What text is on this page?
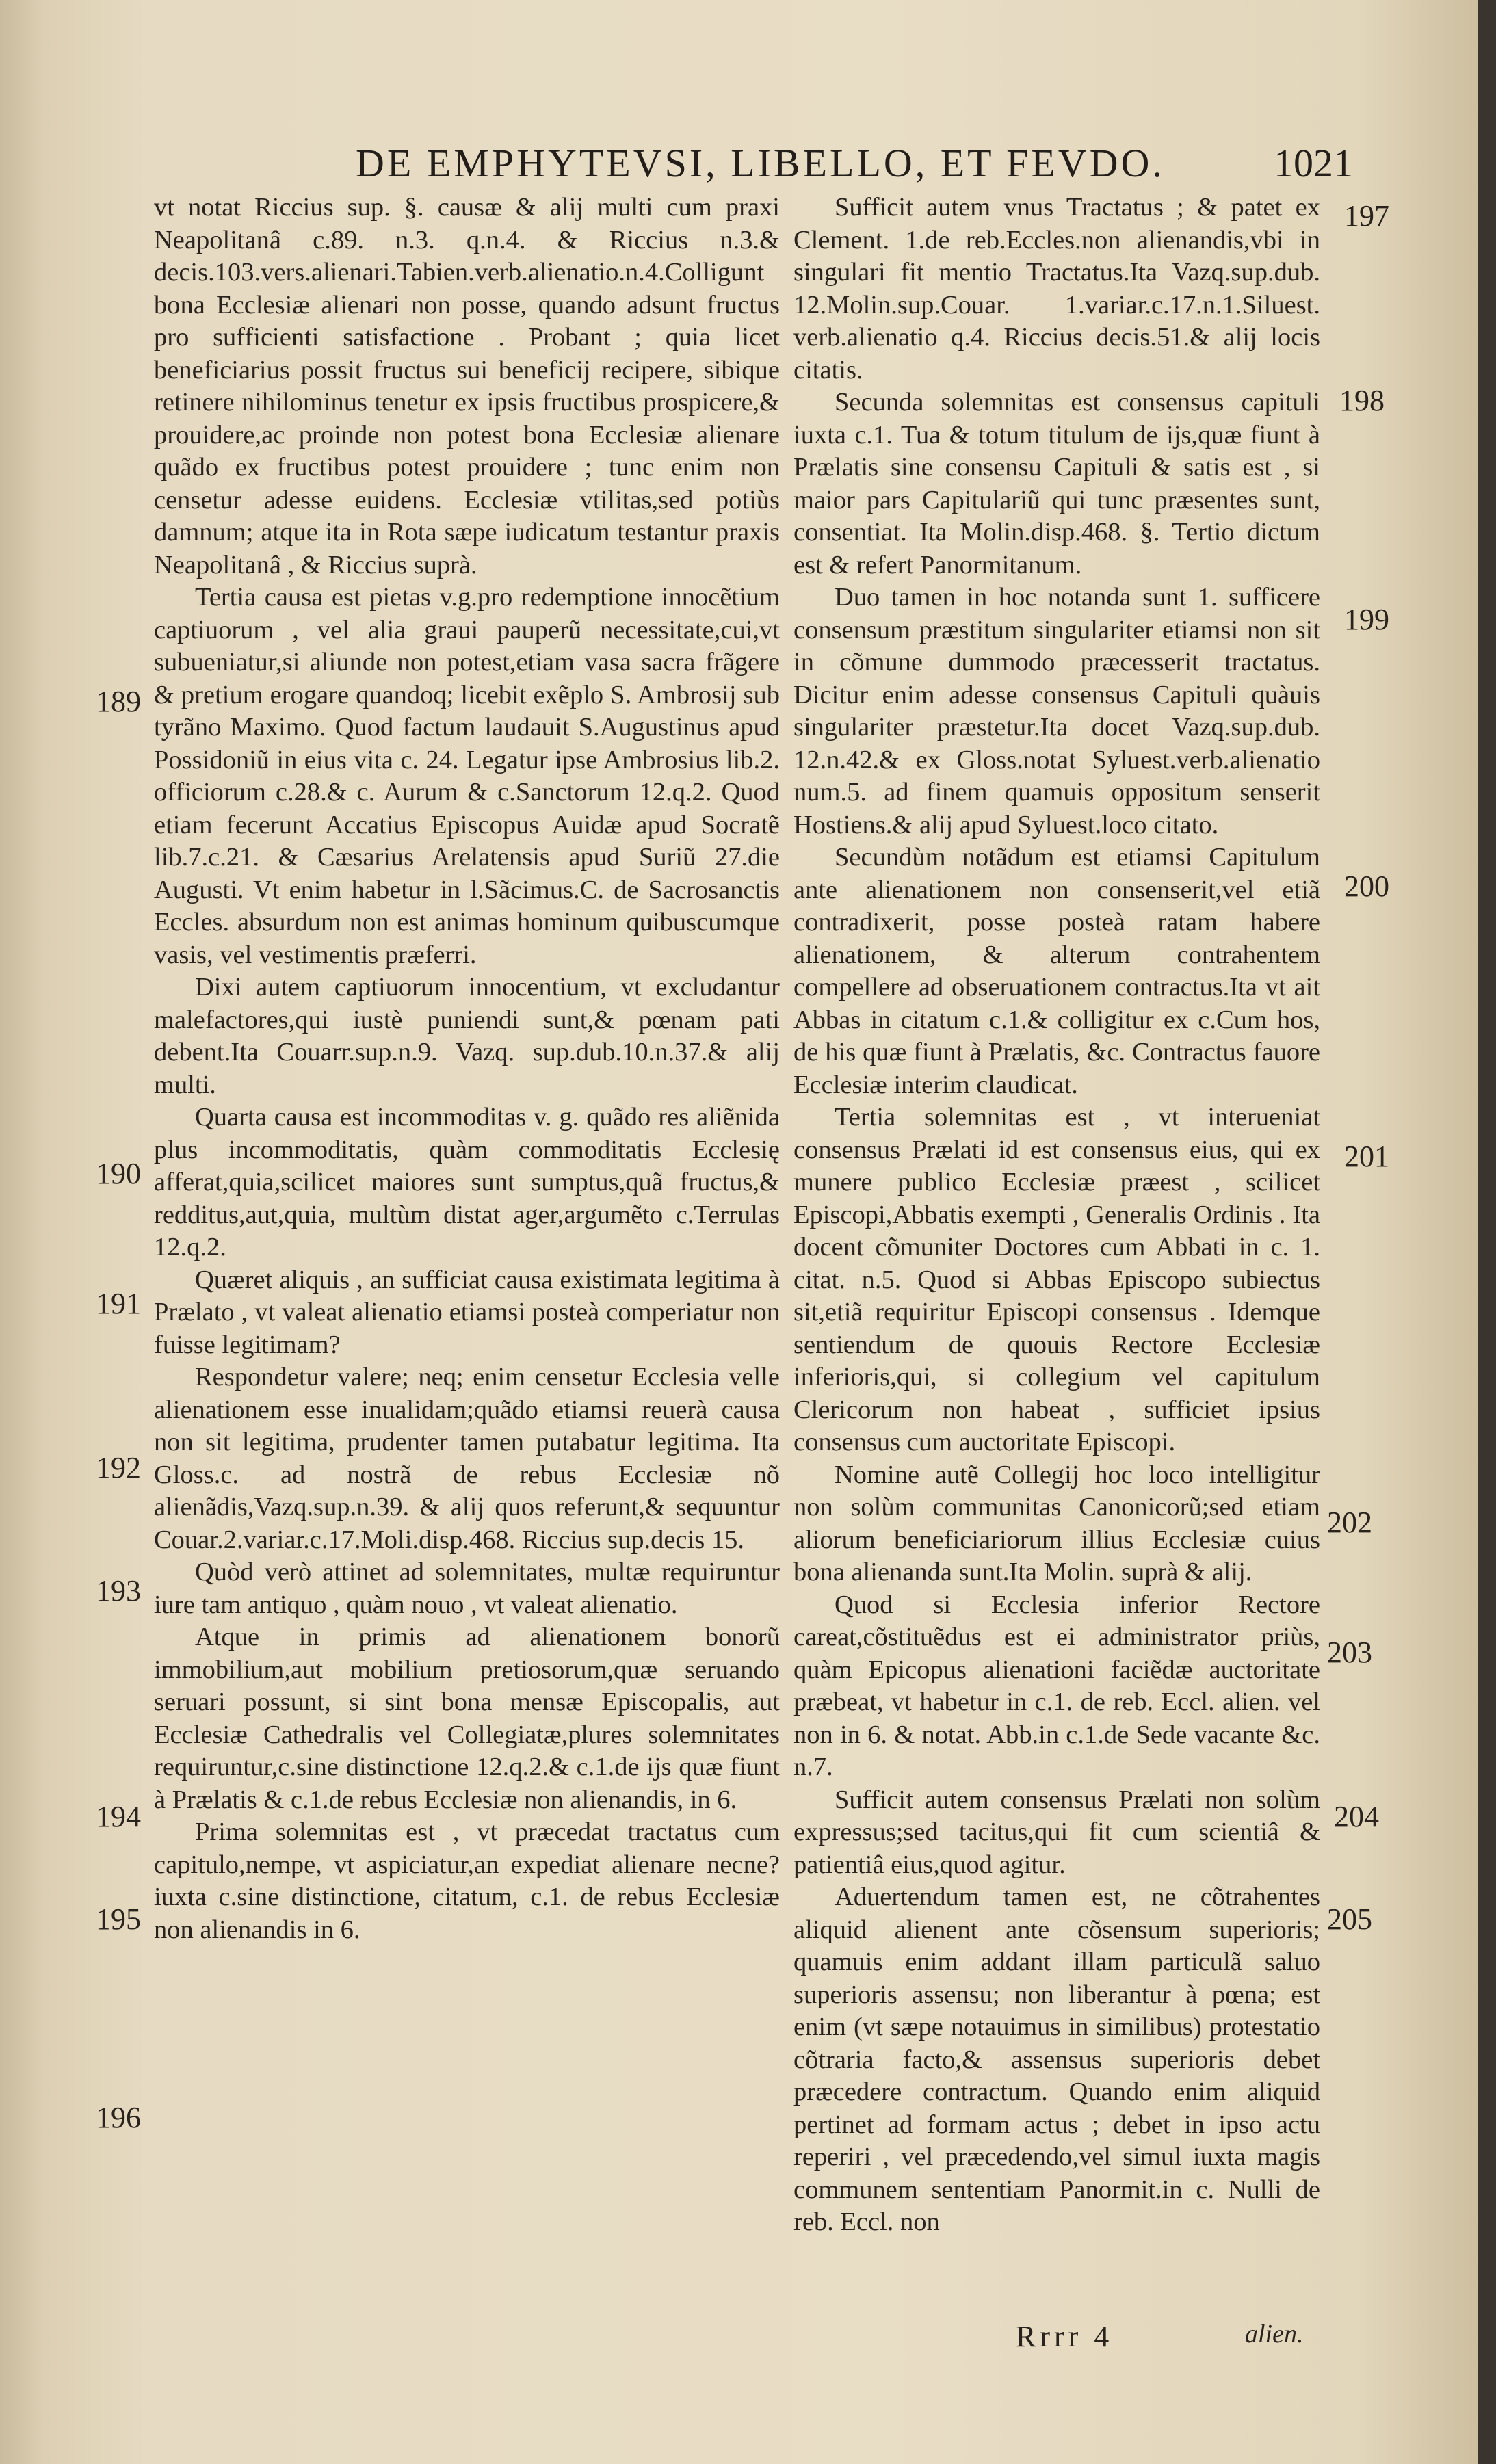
DE EMPHYTEVSI, LIBELLO, ET FEVDO.	1021

vt notat Riccius sup. §. causæ & alij multi cum praxi Neapolitanâ c.89. n.3. q.n.4. & Riccius n.3.& decis.103.vers.alienari.Tabien.verb.alienatio.n.4.Colligunt bona Ecclesiæ alienari non posse, quando adsunt fructus pro sufficienti satisfactione . Probant ; quia licet beneficiarius possit fructus sui beneficij recipere, sibique retinere nihilominus tenetur ex ipsis fructibus prospicere,& prouidere,ac proinde non potest bona Ecclesiæ alienare quãdo ex fructibus potest prouidere ; tunc enim non censetur adesse euidens. Ecclesiæ vtilitas,sed potiùs damnum; atque ita in Rota sæpe iudicatum testantur praxis Neapolitanâ , & Riccius suprà.

Tertia causa est pietas v.g.pro redemptione innocẽtium captiuorum , vel alia graui pauperũ necessitate,cui,vt subueniatur,si aliunde non potest,etiam vasa sacra frãgere & pretium erogare quandoq; licebit exẽplo S. Ambrosij sub tyrãno Maximo. Quod factum laudauit S.Augustinus apud Possidoniũ in eius vita c. 24. Legatur ipse Ambrosius lib.2. officiorum c.28.& c. Aurum & c.Sanctorum 12.q.2. Quod etiam fecerunt Accatius Episcopus Auidæ apud Socratẽ lib.7.c.21. & Cæsarius Arelatensis apud Suriũ 27.die Augusti. Vt enim habetur in l.Sãcimus.C. de Sacrosanctis Eccles. absurdum non est animas hominum quibuscumque vasis, vel vestimentis præferri.

Dixi autem captiuorum innocentium, vt excludantur malefactores,qui iustè puniendi sunt,& pœnam pati debent.Ita Couarr.sup.n.9. Vazq. sup.dub.10.n.37.& alij multi.

Quarta causa est incommoditas v. g. quãdo res aliẽnida plus incommoditatis, quàm commoditatis Ecclesię afferat,quia,scilicet maiores sunt sumptus,quã fructus,& redditus,aut,quia, multùm distat ager,argumẽto c.Terrulas 12.q.2.

Quæret aliquis , an sufficiat causa existimata legitima à Prælato , vt valeat alienatio etiamsi posteà comperiatur non fuisse legitimam?

Respondetur valere; neq; enim censetur Ecclesia velle alienationem esse inualidam;quãdo etiamsi reuerà causa non sit legitima, prudenter tamen putabatur legitima. Ita Gloss.c. ad nostrã de rebus Ecclesiæ nõ alienãdis,Vazq.sup.n.39. & alij quos referunt,& sequuntur Couar.2.variar.c.17.Moli.disp.468. Riccius sup.decis 15.

Quòd verò attinet ad solemnitates, multæ requiruntur iure tam antiquo , quàm nouo , vt valeat alienatio.

Atque in primis ad alienationem bonorũ immobilium,aut mobilium pretiosorum,quæ seruando seruari possunt, si sint bona mensæ Episcopalis, aut Ecclesiæ Cathedralis vel Collegiatæ,plures solemnitates requiruntur,c.sine distinctione 12.q.2.& c.1.de ijs quæ fiunt à Prælatis & c.1.de rebus Ecclesiæ non alienandis, in 6.

Prima solemnitas est , vt præcedat tractatus cum capitulo,nempe, vt aspiciatur,an expediat alienare necne? iuxta c.sine distinctione, citatum, c.1. de rebus Ecclesiæ non alienandis in 6.

189
190
191
192
193
194
195
196

Sufficit autem vnus Tractatus ; & patet ex Clement. 1.de reb.Eccles.non alienandis,vbi in singulari fit mentio Tractatus.Ita Vazq.sup.dub. 12.Molin.sup.Couar. 1.variar.c.17.n.1.Siluest. verb.alienatio q.4. Riccius decis.51.& alij locis citatis.

Secunda solemnitas est consensus capituli iuxta c.1. Tua & totum titulum de ijs,quæ fiunt à Prælatis sine consensu Capituli & satis est , si maior pars Capitulariũ qui tunc præsentes sunt, consentiat. Ita Molin.disp.468. §. Tertio dictum est & refert Panormitanum.

Duo tamen in hoc notanda sunt 1. sufficere consensum præstitum singulariter etiamsi non sit in cõmune dummodo præcesserit tractatus. Dicitur enim adesse consensus Capituli quàuis singulariter præstetur.Ita docet Vazq.sup.dub. 12.n.42.& ex Gloss.notat Syluest.verb.alienatio num.5. ad finem quamuis oppositum senserit Hostiens.& alij apud Syluest.loco citato.

Secundùm notãdum est etiamsi Capitulum ante alienationem non consenserit,vel etiã contradixerit, posse posteà ratam habere alienationem, & alterum contrahentem compellere ad obseruationem contractus.Ita vt ait Abbas in citatum c.1.& colligitur ex c.Cum hos, de his quæ fiunt à Prælatis, &c. Contractus fauore Ecclesiæ interim claudicat.

Tertia solemnitas est , vt interueniat consensus Prælati id est consensus eius, qui ex munere publico Ecclesiæ præest , scilicet Episcopi,Abbatis exempti , Generalis Ordinis . Ita docent cõmuniter Doctores cum Abbati in c. 1. citat. n.5. Quod si Abbas Episcopo subiectus sit,etiã requiritur Episcopi consensus . Idemque sentiendum de quouis Rectore Ecclesiæ inferioris,qui, si collegium vel capitulum Clericorum non habeat , sufficiet ipsius consensus cum auctoritate Episcopi.

Nomine autẽ Collegij hoc loco intelligitur non solùm communitas Canonicorũ;sed etiam aliorum beneficiariorum illius Ecclesiæ cuius bona alienanda sunt.Ita Molin. suprà & alij.

Quod si Ecclesia inferior Rectore careat,cõstituẽdus est ei administrator priùs, quàm Epicopus alienationi faciẽdæ auctoritate præbeat, vt habetur in c.1. de reb. Eccl. alien. vel non in 6. & notat. Abb.in c.1.de Sede vacante &c. n.7.

Sufficit autem consensus Prælati non solùm expressus;sed tacitus,qui fit cum scientiâ & patientiâ eius,quod agitur.

Aduertendum tamen est, ne cõtrahentes aliquid alienent ante cõsensum superioris; quamuis enim addant illam particulã saluo superioris assensu; non liberantur à pœna; est enim (vt sæpe notauimus in similibus) protestatio cõtraria facto,& assensus superioris debet præcedere contractum. Quando enim aliquid pertinet ad formam actus ; debet in ipso actu reperiri , vel præcedendo,vel simul iuxta magis communem sententiam Panormit.in c. Nulli de reb. Eccl. non

197
198
199
200
201
202
203
204
205
Rrrr 4	alien.
